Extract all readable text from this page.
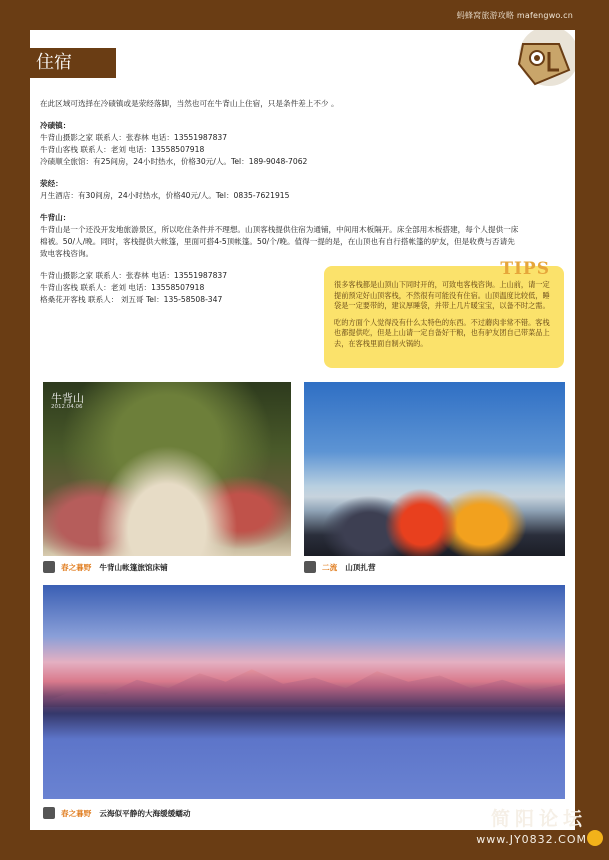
蚂蜂窝旅游攻略 mafengwo.cn
住宿

在此区域可选择在冷碛镇或是荥经落脚，当然也可在牛背山上住宿，只是条件差上不少 。

冷碛镇：

牛背山摄影之家 联系人：张春林 电话：13551987837

牛背山客栈 联系人：老刘 电话：13558507918

冷碛顺全旅馆：有25间房，24小时热水，价格30元/人。Tel：189-9048-7062

荥经：

月生酒店：有30间房，24小时热水，价格40元/人。Tel：0835-7621915

牛背山：

牛背山是一个还没开发地旅游景区，所以吃住条件并不理想。山顶客栈提供住宿为通铺，中间用木板隔开。床全部用木板搭建，每个人提供一床

棉被。50/人/晚。同时，客栈提供大帐篷，里面可搭4-5顶帐篷。50/个/晚。值得一提的是，在山顶也有自行搭帐篷的驴友，但是收费与否请先

致电客栈咨询。

牛背山摄影之家 联系人：张春林 电话：13551987837

牛背山客栈 联系人：老刘 电话：13558507918

格桑花开客栈 联系人： 刘五哥 Tel：135-58508-347

TIPS

很多客栈都是山顶山下同时开的，可致电客栈咨询。上山前，请一定提前预定好山顶客栈，不然很有可能没有住宿。山顶温度比较低，睡袋是一定要带的，建议厚睡袋，并带上几片暖宝宝，以备不时之需。

吃的方面个人觉得没有什么太特色的东西。不过蘑肉非常不错。客栈也都提供吃，但是上山请一定自备好干粮，也有驴友团自己带菜品上去，在客栈里面自制火锅的。

牛背山
2012.04.06
春之暮野 牛背山帐篷旅馆床铺	二流 山顶扎营
春之暮野 云海似平静的大海缓缓蠕动	简阳论坛
www.JY0832.COM
